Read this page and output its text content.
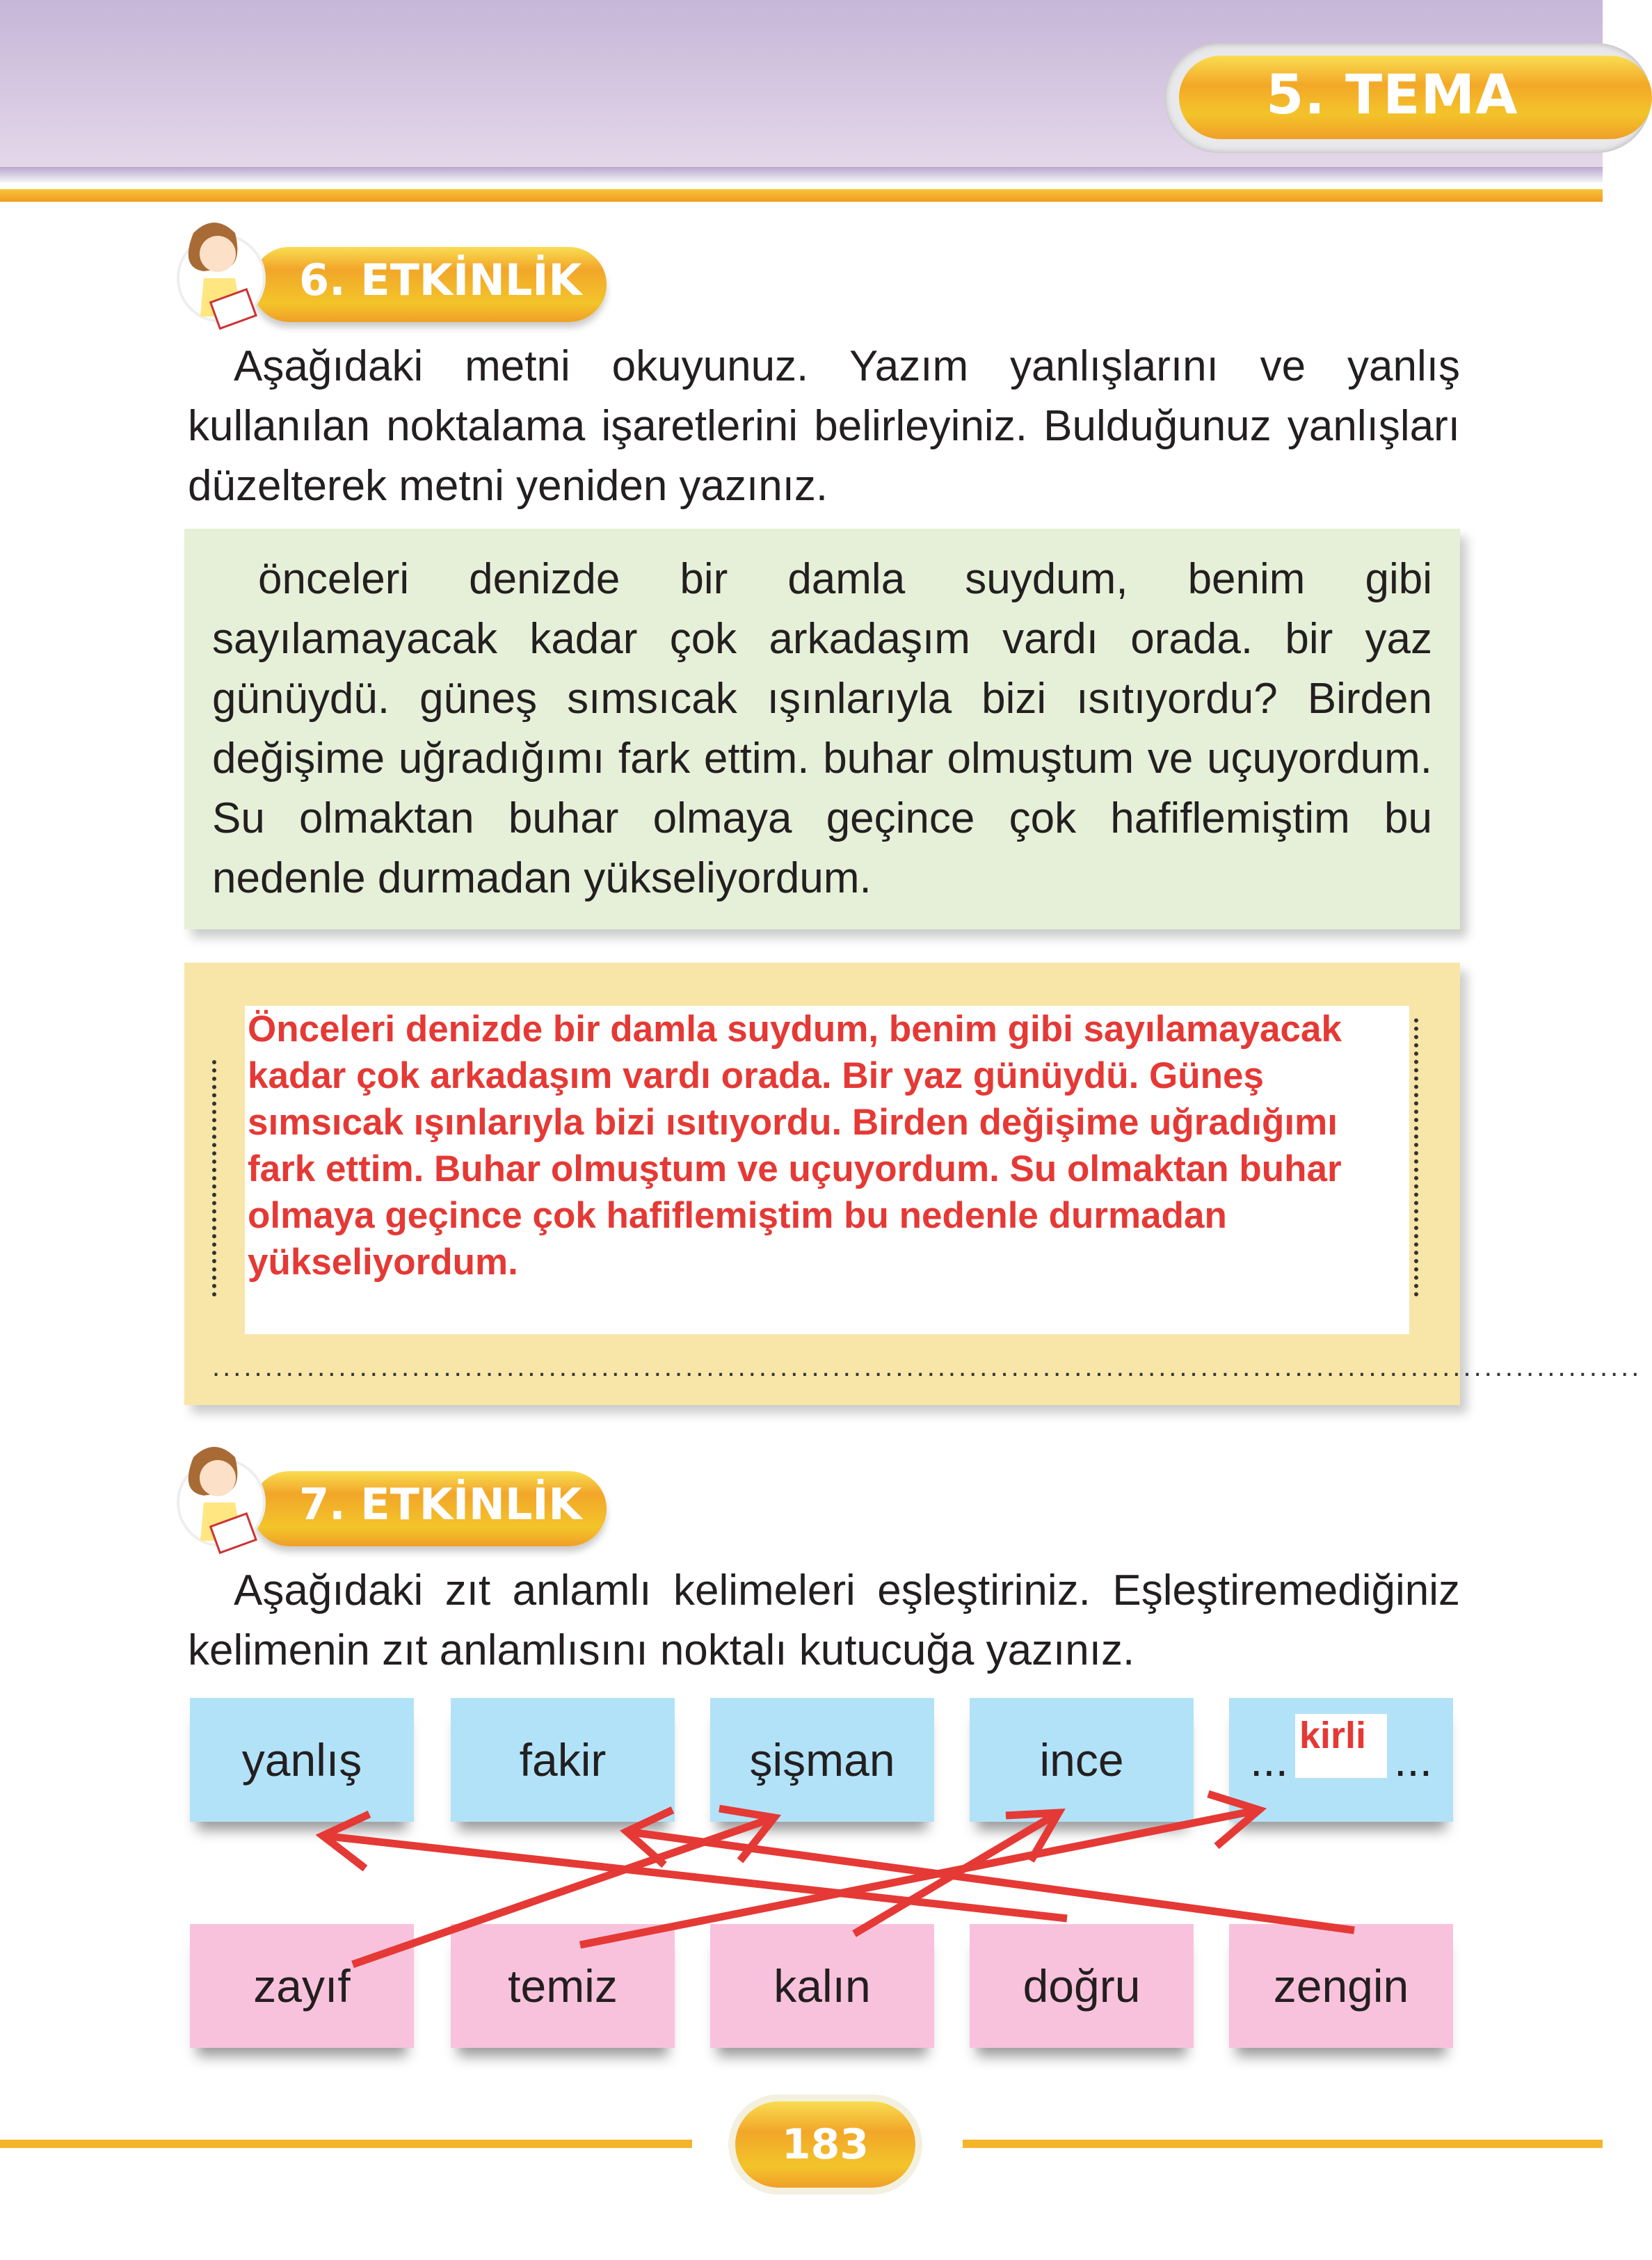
5. TEMA
6. ETKİNLİK
Aşağıdaki metni okuyunuz. Yazım yanlışlarını ve yanlış kullanılan noktalama işaretlerini belirleyiniz. Bulduğunuz yanlışları düzelterek metni yeniden yazınız.
önceleri denizde bir damla suydum, benim gibi sayılamayacak kadar çok arkadaşım vardı orada. bir yaz günüydü. güneş sımsıcak ışınlarıyla bizi ısıtıyordu? Birden değişime uğradığımı fark ettim. buhar olmuştum ve uçuyordum. Su olmaktan buhar olmaya geçince çok hafiflemiştim bu nedenle durmadan yükseliyordum.
Önceleri denizde bir damla suydum, benim gibi sayılamayacak kadar çok arkadaşım vardı orada. Bir yaz günüydü. Güneş sımsıcak ışınlarıyla bizi ısıtıyordu. Birden değişime uğradığımı fark ettim. Buhar olmuştum ve uçuyordum. Su olmaktan buhar olmaya geçince çok hafiflemiştim bu nedenle durmadan yükseliyordum.
........................................................................................................................................
7. ETKİNLİK
Aşağıdaki zıt anlamlı kelimeleri eşleştiriniz. Eşleştiremediğiniz kelimenin zıt anlamlısını noktalı kutucuğa yazınız.
yanlış	fakir	şişman	ince	... kirli ...
zayıf	temiz	kalın	doğru	zengin
183
